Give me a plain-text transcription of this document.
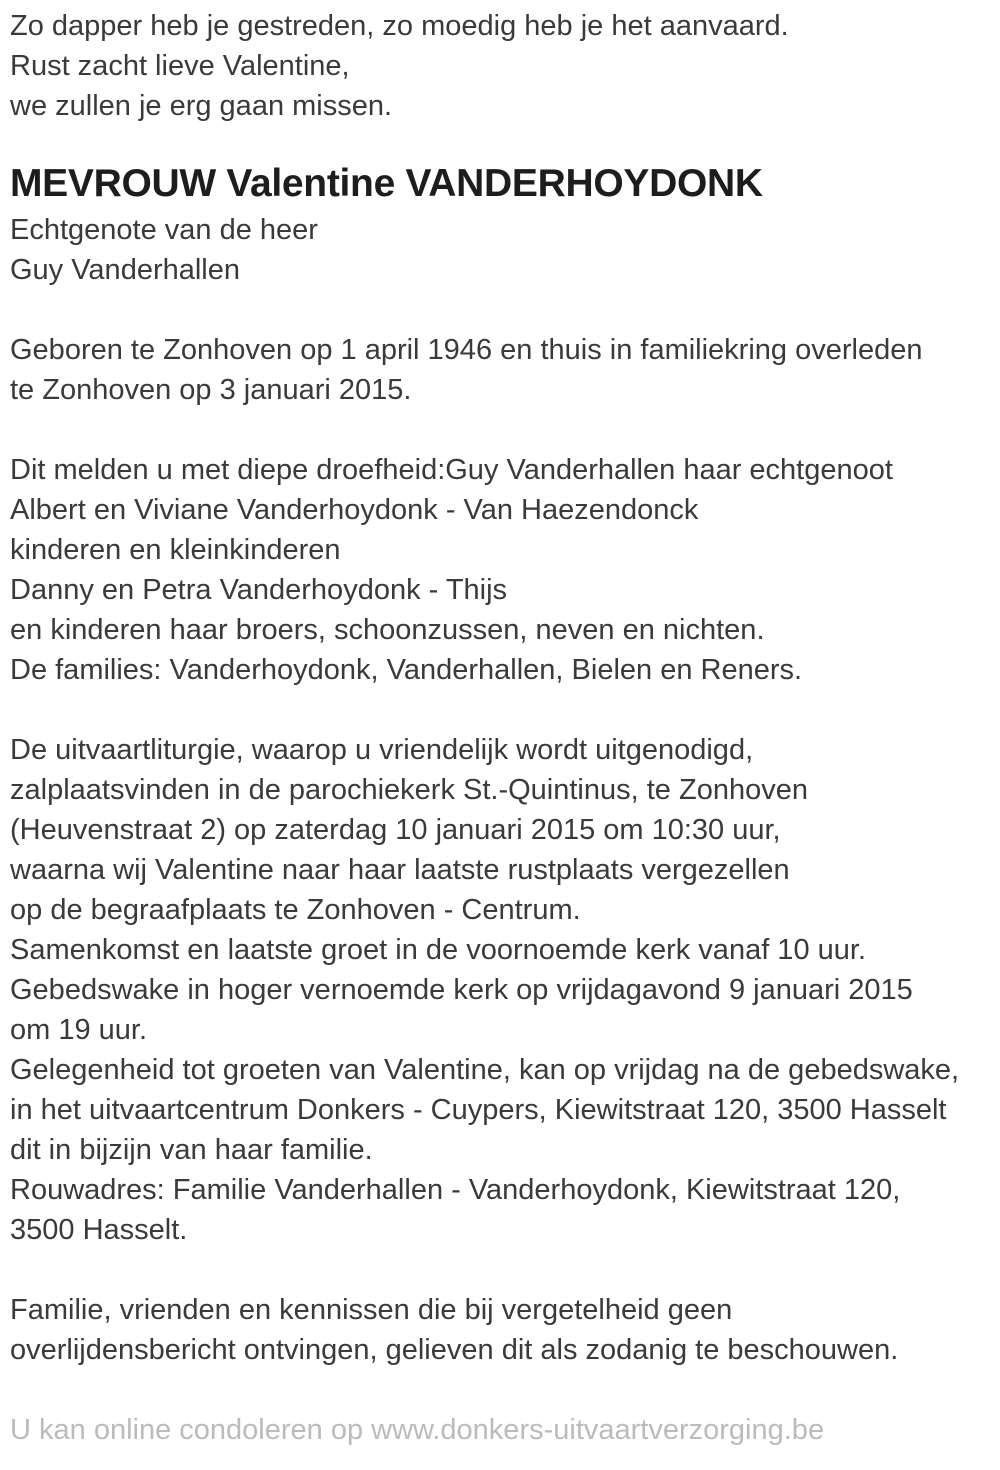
Zo dapper heb je gestreden, zo moedig heb je het aanvaard.
Rust zacht lieve Valentine,
we zullen je erg gaan missen.
MEVROUW Valentine VANDERHOYDONK
Echtgenote van de heer
Guy Vanderhallen
Geboren te Zonhoven op 1 april 1946 en thuis in familiekring overleden
te Zonhoven op 3 januari 2015.
Dit melden u met diepe droefheid:Guy Vanderhallen haar echtgenoot
Albert en Viviane Vanderhoydonk - Van Haezendonck
kinderen en kleinkinderen
Danny en Petra Vanderhoydonk - Thijs
en kinderen haar broers, schoonzussen, neven en nichten.
De families: Vanderhoydonk, Vanderhallen, Bielen en Reners.
De uitvaartliturgie, waarop u vriendelijk wordt uitgenodigd,
zalplaatsvinden in de parochiekerk St.-Quintinus, te Zonhoven
(Heuvenstraat 2) op zaterdag 10 januari 2015 om 10:30 uur,
waarna wij Valentine naar haar laatste rustplaats vergezellen
op de begraafplaats te Zonhoven - Centrum.
Samenkomst en laatste groet in de voornoemde kerk vanaf 10 uur.
Gebedswake in hoger vernoemde kerk op vrijdagavond 9 januari 2015
om 19 uur.
Gelegenheid tot groeten van Valentine, kan op vrijdag na de gebedswake,
in het uitvaartcentrum Donkers - Cuypers, Kiewitstraat 120, 3500 Hasselt
dit in bijzijn van haar familie.
Rouwadres: Familie Vanderhallen - Vanderhoydonk, Kiewitstraat 120,
3500 Hasselt.
Familie, vrienden en kennissen die bij vergetelheid geen
overlijdensbericht ontvingen, gelieven dit als zodanig te beschouwen.
U kan online condoleren op www.donkers-uitvaartverzorging.be
